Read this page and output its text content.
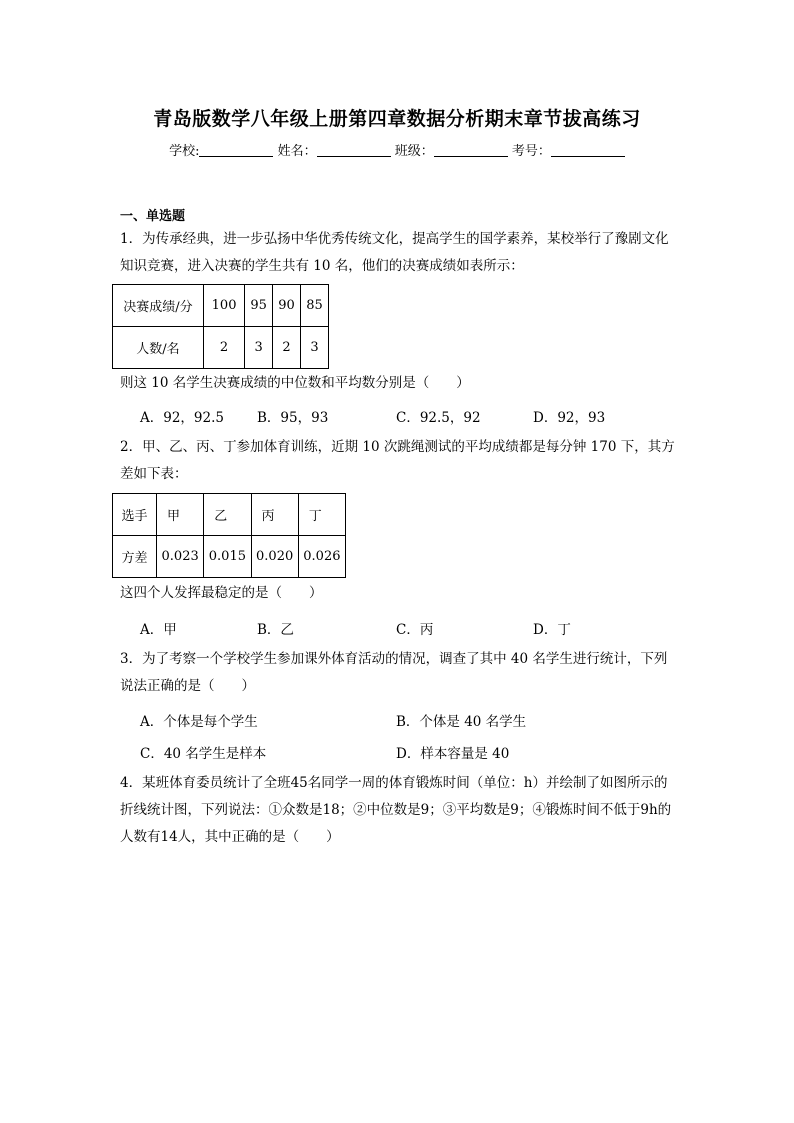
青岛版数学八年级上册第四章数据分析期末章节拔高练习
学校:	姓名：	班级：	考号：
一、单选题
1．为传承经典，进一步弘扬中华优秀传统文化，提高学生的国学素养，某校举行了豫剧文化知识竞赛，进入决赛的学生共有 10 名，他们的决赛成绩如表所示：
决赛成绩/分	100	95	90	85
人数/名	2	3	2	3
则这 10 名学生决赛成绩的中位数和平均数分别是（　　）
A．92，92.5 B．95，93	C．92.5，92	D．92，93
2．甲、乙、丙、丁参加体育训练，近期 10 次跳绳测试的平均成绩都是每分钟 170 下，其方差如下表：
选手	甲	乙	丙	丁
方差	0.023	0.015	0.020	0.026
这四个人发挥最稳定的是（　　）
A．甲	B．乙	C．丙	D．丁
3．为了考察一个学校学生参加课外体育活动的情况，调查了其中 40 名学生进行统计，下列说法正确的是（　　）
A．个体是每个学生	B．个体是 40 名学生
C．40 名学生是样本	D．样本容量是 40
4．某班体育委员统计了全班45名同学一周的体育锻炼时间（单位：h）并绘制了如图所示的折线统计图，下列说法：①众数是18；②中位数是9；③平均数是9；④锻炼时间不低于9h的人数有14人，其中正确的是（　　）
